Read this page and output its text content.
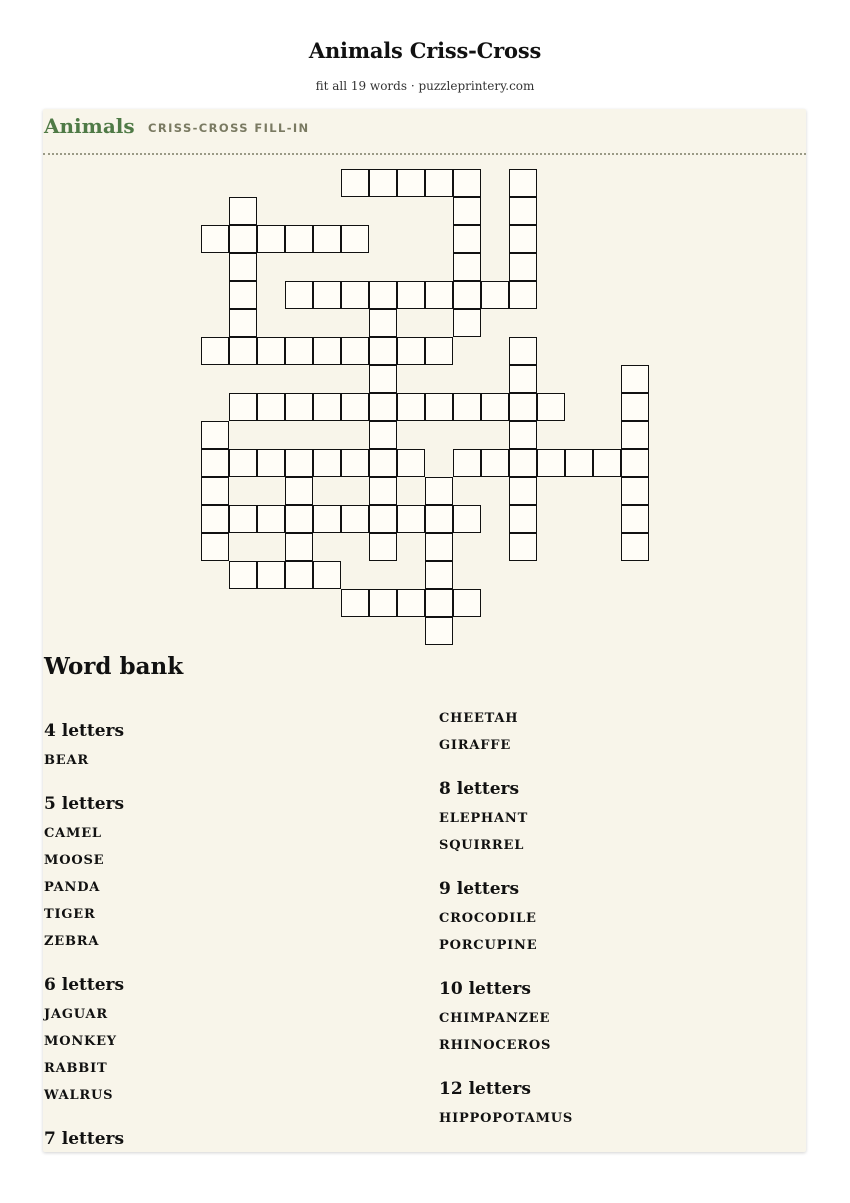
Animals Criss-Cross
fit all 19 words · puzzleprintery.com
Animals CRISS-CROSS FILL-IN
Word bank
4 letters
BEAR
5 letters
CAMEL
MOOSE
PANDA
TIGER
ZEBRA
6 letters
JAGUAR
MONKEY
RABBIT
WALRUS
7 letters
CHEETAH
GIRAFFE
8 letters
ELEPHANT
SQUIRREL
9 letters
CROCODILE
PORCUPINE
10 letters
CHIMPANZEE
RHINOCEROS
12 letters
HIPPOPOTAMUS
